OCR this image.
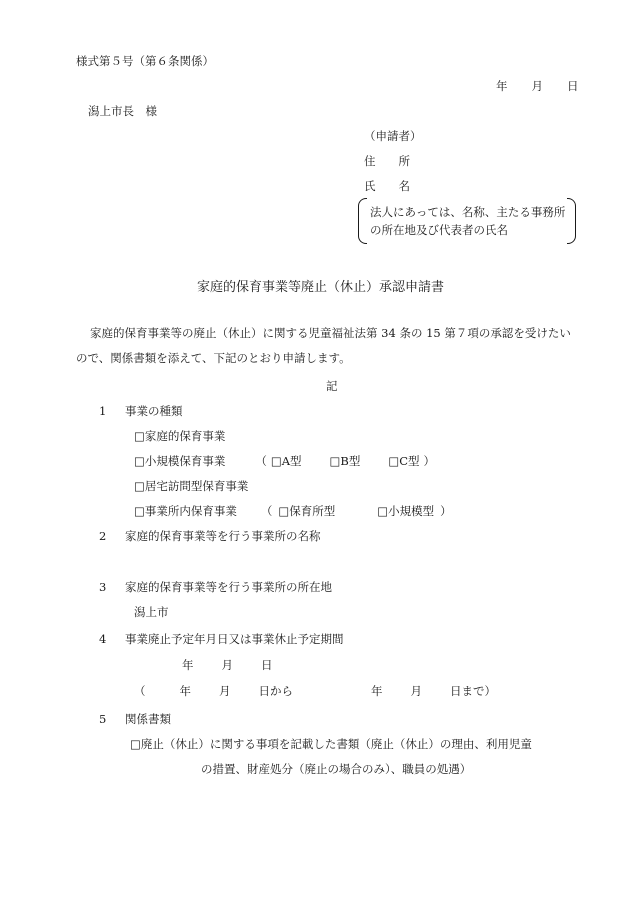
様式第５号（第６条関係）
年 月 日
潟上市長　様
（申請者）
住　　所
氏　　名
法人にあっては、名称、主たる事務所
の所在地及び代表者の氏名
家庭的保育事業等廃止（休止）承認申請書
家庭的保育事業等の廃止（休止）に関する児童福祉法第 34 条の 15 第７項の承認を受けたい
ので、関係書類を添えて、下記のとおり申請します。
記
1 事業の種類
□家庭的保育事業
□小規模保育事業	（ □A型 □B型 □C型 ）
□居宅訪問型保育事業
□事業所内保育事業 （ □保育所型	□小規模型 ）
2 家庭的保育事業等を行う事業所の名称
3 家庭的保育事業等を行う事業所の所在地
潟上市
4 事業廃止予定年月日又は事業休止予定期間
年 月 日
（	年 月 日から	年 月 日まで）
5 関係書類
□廃止（休止）に関する事項を記載した書類（廃止（休止）の理由、利用児童
の措置、財産処分（廃止の場合のみ）、職員の処遇）
